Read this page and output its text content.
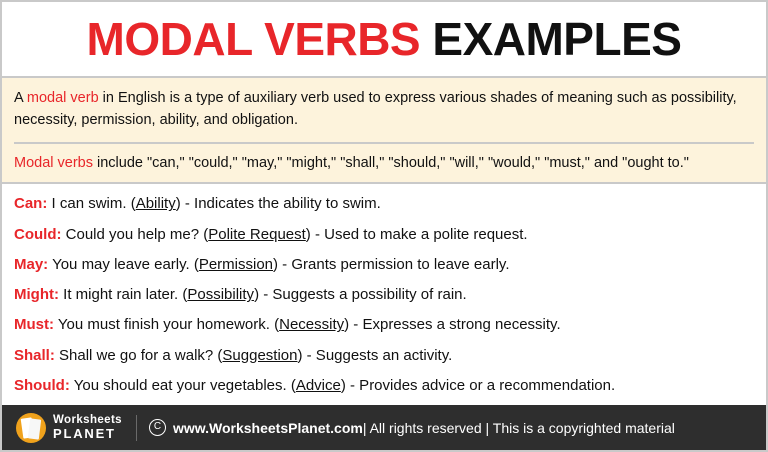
MODAL VERBS EXAMPLES

A modal verb in English is a type of auxiliary verb used to express various shades of meaning such as possibility, necessity, permission, ability, and obligation.

Modal verbs include "can," "could," "may," "might," "shall," "should," "will," "would," "must," and "ought to."

Can: I can swim. (Ability) - Indicates the ability to swim.
Could: Could you help me? (Polite Request) - Used to make a polite request.
May: You may leave early. (Permission) - Grants permission to leave early.
Might: It might rain later. (Possibility) - Suggests a possibility of rain.
Must: You must finish your homework. (Necessity) - Expresses a strong necessity.
Shall: Shall we go for a walk? (Suggestion) - Suggests an activity.
Should: You should eat your vegetables. (Advice) - Provides advice or a recommendation.
Worksheets
PLANET	C www.WorksheetsPlanet.com | All rights reserved | This is a copyrighted material
